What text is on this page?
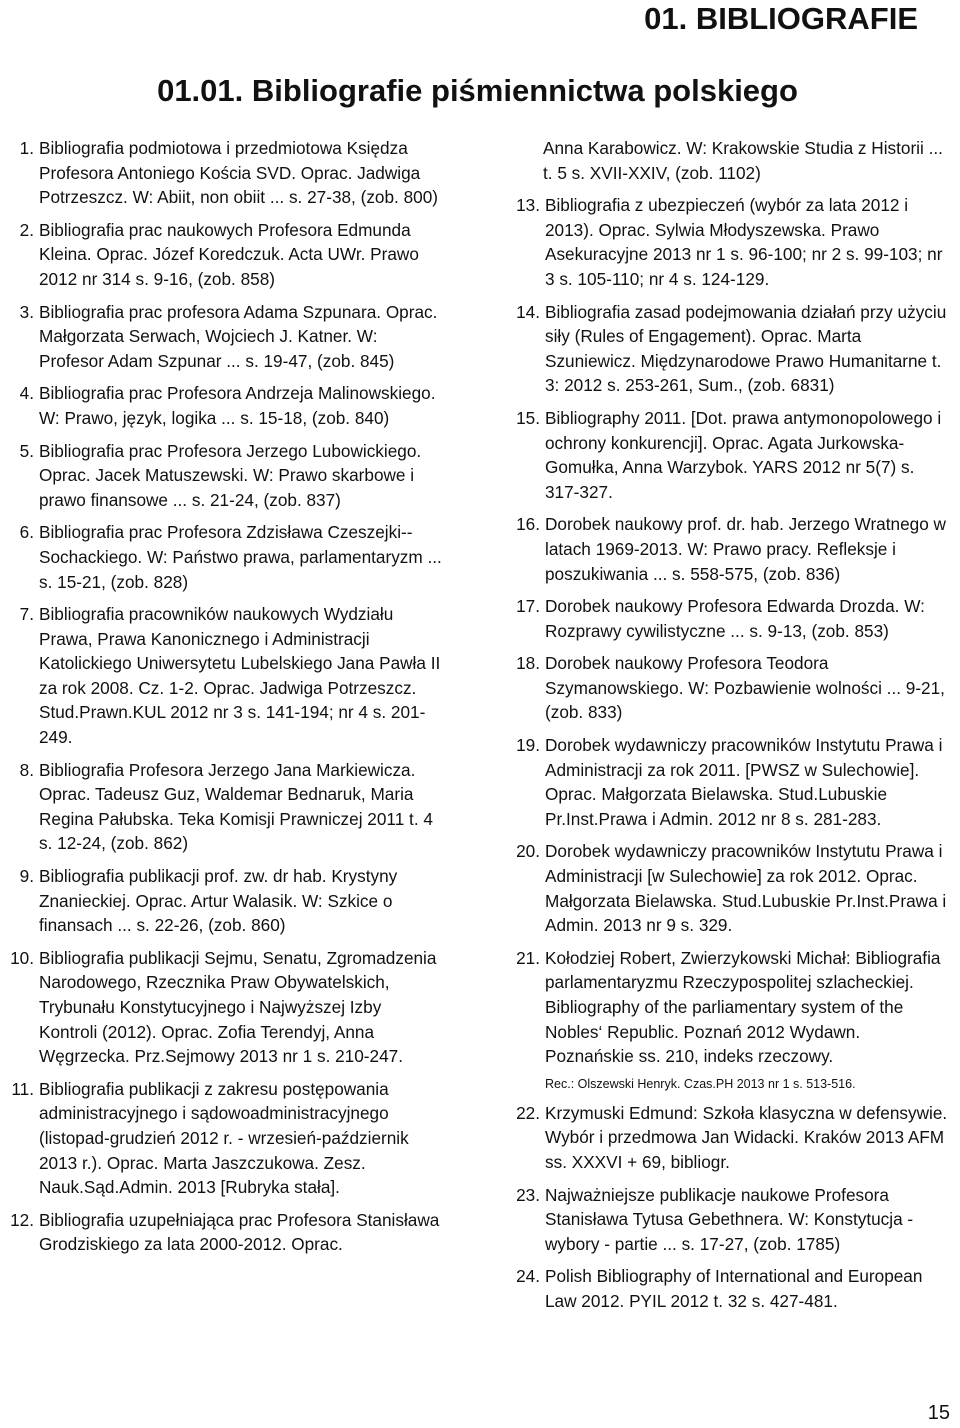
01. BIBLIOGRAFIE
01.01. Bibliografie piśmiennictwa polskiego
1. Bibliografia podmiotowa i przedmiotowa Księdza Profesora Antoniego Kościa SVD. Oprac. Jadwiga Potrzeszcz. W: Abiit, non obiit ... s. 27-38, (zob. 800)
2. Bibliografia prac naukowych Profesora Edmunda Kleina. Oprac. Józef Koredczuk. Acta UWr. Prawo 2012 nr 314 s. 9-16, (zob. 858)
3. Bibliografia prac profesora Adama Szpunara. Oprac. Małgorzata Serwach, Wojciech J. Katner. W: Profesor Adam Szpunar ... s. 19-47, (zob. 845)
4. Bibliografia prac Profesora Andrzeja Malinowskiego. W: Prawo, język, logika ... s. 15-18, (zob. 840)
5. Bibliografia prac Profesora Jerzego Lubowickiego. Oprac. Jacek Matuszewski. W: Prawo skarbowe i prawo finansowe ... s. 21-24, (zob. 837)
6. Bibliografia prac Profesora Zdzisława Czeszejki--Sochackiego. W: Państwo prawa, parlamentaryzm ... s. 15-21, (zob. 828)
7. Bibliografia pracowników naukowych Wydziału Prawa, Prawa Kanonicznego i Administracji Katolickiego Uniwersytetu Lubelskiego Jana Pawła II za rok 2008. Cz. 1-2. Oprac. Jadwiga Potrzeszcz. Stud.Prawn.KUL 2012 nr 3 s. 141-194; nr 4 s. 201-249.
8. Bibliografia Profesora Jerzego Jana Markiewicza. Oprac. Tadeusz Guz, Waldemar Bednaruk, Maria Regina Pałubska. Teka Komisji Prawniczej 2011 t. 4 s. 12-24, (zob. 862)
9. Bibliografia publikacji prof. zw. dr hab. Krystyny Znanieckiej. Oprac. Artur Walasik. W: Szkice o finansach ... s. 22-26, (zob. 860)
10. Bibliografia publikacji Sejmu, Senatu, Zgromadzenia Narodowego, Rzecznika Praw Obywatelskich, Trybunału Konstytucyjnego i Najwyższej Izby Kontroli (2012). Oprac. Zofia Terendyj, Anna Węgrzecka. Prz.Sejmowy 2013 nr 1 s. 210-247.
11. Bibliografia publikacji z zakresu postępowania administracyjnego i sądowoadministracyjnego (listopad-grudzień 2012 r. - wrzesień-październik 2013 r.). Oprac. Marta Jaszczukowa. Zesz. Nauk.Sąd.Admin. 2013 [Rubryka stała].
12. Bibliografia uzupełniająca prac Profesora Stanisława Grodziskiego za lata 2000-2012. Oprac.
Anna Karabowicz. W: Krakowskie Studia z Historii ... t. 5 s. XVII-XXIV, (zob. 1102)
13. Bibliografia z ubezpieczeń (wybór za lata 2012 i 2013). Oprac. Sylwia Młodyszewska. Prawo Asekuracyjne 2013 nr 1 s. 96-100; nr 2 s. 99-103; nr 3 s. 105-110; nr 4 s. 124-129.
14. Bibliografia zasad podejmowania działań przy użyciu siły (Rules of Engagement). Oprac. Marta Szuniewicz. Międzynarodowe Prawo Humanitarne t. 3: 2012 s. 253-261, Sum., (zob. 6831)
15. Bibliography 2011. [Dot. prawa antymonopolowego i ochrony konkurencji]. Oprac. Agata Jurkowska-Gomułka, Anna Warzybok. YARS 2012 nr 5(7) s. 317-327.
16. Dorobek naukowy prof. dr. hab. Jerzego Wratnego w latach 1969-2013. W: Prawo pracy. Refleksje i poszukiwania ... s. 558-575, (zob. 836)
17. Dorobek naukowy Profesora Edwarda Drozda. W: Rozprawy cywilistyczne ... s. 9-13, (zob. 853)
18. Dorobek naukowy Profesora Teodora Szymanowskiego. W: Pozbawienie wolności ... 9-21, (zob. 833)
19. Dorobek wydawniczy pracowników Instytutu Prawa i Administracji za rok 2011. [PWSZ w Sulechowie]. Oprac. Małgorzata Bielawska. Stud.Lubuskie Pr.Inst.Prawa i Admin. 2012 nr 8 s. 281-283.
20. Dorobek wydawniczy pracowników Instytutu Prawa i Administracji [w Sulechowie] za rok 2012. Oprac. Małgorzata Bielawska. Stud.Lubuskie Pr.Inst.Prawa i Admin. 2013 nr 9 s. 329.
21. Kołodziej Robert, Zwierzykowski Michał: Bibliografia parlamentaryzmu Rzeczypospolitej szlacheckiej. Bibliography of the parliamentary system of the Nobles‘ Republic. Poznań 2012 Wydawn. Poznańskie ss. 210, indeks rzeczowy.
Rec.: Olszewski Henryk. Czas.PH 2013 nr 1 s. 513-516.
22. Krzymuski Edmund: Szkoła klasyczna w defensywie. Wybór i przedmowa Jan Widacki. Kraków 2013 AFM ss. XXXVI + 69, bibliogr.
23. Najważniejsze publikacje naukowe Profesora Stanisława Tytusa Gebethnera. W: Konstytucja - wybory - partie ... s. 17-27, (zob. 1785)
24. Polish Bibliography of International and European Law 2012. PYIL 2012 t. 32 s. 427-481.
15
